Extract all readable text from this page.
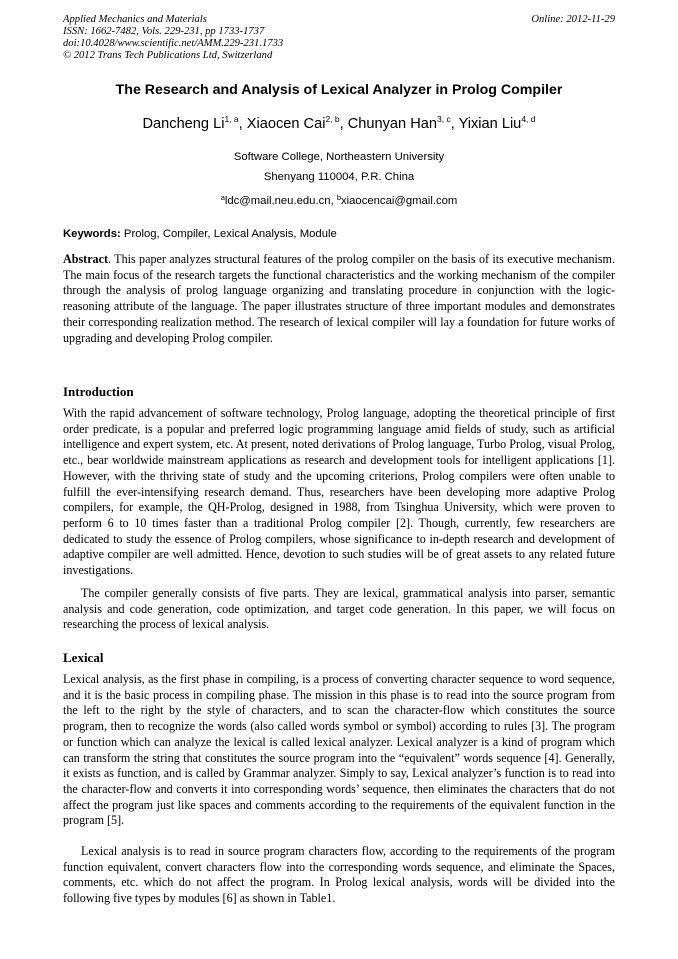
Applied Mechanics and Materials
ISSN: 1662-7482, Vols. 229-231, pp 1733-1737
doi:10.4028/www.scientific.net/AMM.229-231.1733
© 2012 Trans Tech Publications Ltd, Switzerland
Online: 2012-11-29
The Research and Analysis of Lexical Analyzer in Prolog Compiler
Dancheng Li$^{1, a}$, Xiaocen Cai$^{2, b}$, Chunyan Han$^{3, c}$, Yixian Liu$^{4, d}$
Software College, Northeastern University
Shenyang 110004, P.R. China
$^a$ldc@mail.neu.edu.cn, $^b$xiaocencai@gmail.com
Keywords: Prolog, Compiler, Lexical Analysis, Module
Abstract. This paper analyzes structural features of the prolog compiler on the basis of its executive mechanism. The main focus of the research targets the functional characteristics and the working mechanism of the compiler through the analysis of prolog language organizing and translating procedure in conjunction with the logic-reasoning attribute of the language. The paper illustrates structure of three important modules and demonstrates their corresponding realization method. The research of lexical compiler will lay a foundation for future works of upgrading and developing Prolog compiler.
Introduction
With the rapid advancement of software technology, Prolog language, adopting the theoretical principle of first order predicate, is a popular and preferred logic programming language amid fields of study, such as artificial intelligence and expert system, etc. At present, noted derivations of Prolog language, Turbo Prolog, visual Prolog, etc., bear worldwide mainstream applications as research and development tools for intelligent applications [1]. However, with the thriving state of study and the upcoming criterions, Prolog compilers were often unable to fulfill the ever-intensifying research demand. Thus, researchers have been developing more adaptive Prolog compilers, for example, the QH-Prolog, designed in 1988, from Tsinghua University, which were proven to perform 6 to 10 times faster than a traditional Prolog compiler [2]. Though, currently, few researchers are dedicated to study the essence of Prolog compilers, whose significance to in-depth research and development of adaptive compiler are well admitted. Hence, devotion to such studies will be of great assets to any related future investigations.
The compiler generally consists of five parts. They are lexical, grammatical analysis into parser, semantic analysis and code generation, code optimization, and target code generation. In this paper, we will focus on researching the process of lexical analysis.
Lexical
Lexical analysis, as the first phase in compiling, is a process of converting character sequence to word sequence, and it is the basic process in compiling phase. The mission in this phase is to read into the source program from the left to the right by the style of characters, and to scan the character-flow which constitutes the source program, then to recognize the words (also called words symbol or symbol) according to rules [3]. The program or function which can analyze the lexical is called lexical analyzer. Lexical analyzer is a kind of program which can transform the string that constitutes the source program into the “equivalent” words sequence [4]. Generally, it exists as function, and is called by Grammar analyzer. Simply to say, Lexical analyzer’s function is to read into the character-flow and converts it into corresponding words’ sequence, then eliminates the characters that do not affect the program just like spaces and comments according to the requirements of the equivalent function in the program [5].
Lexical analysis is to read in source program characters flow, according to the requirements of the program function equivalent, convert characters flow into the corresponding words sequence, and eliminate the Spaces, comments, etc. which do not affect the program. In Prolog lexical analysis, words will be divided into the following five types by modules [6] as shown in Table1.
